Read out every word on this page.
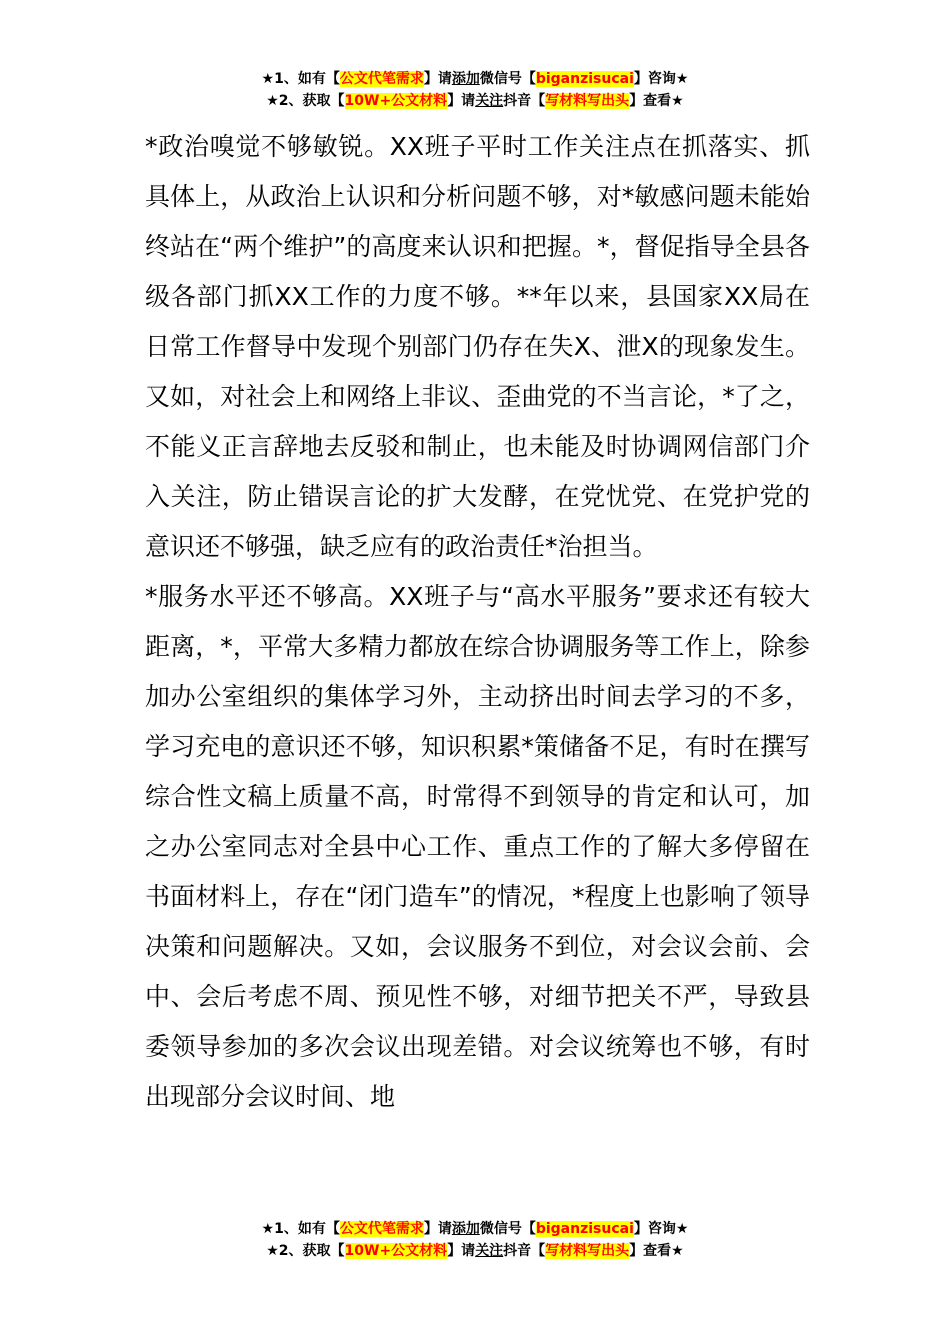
★1、如有【公文代笔需求】请添加微信号【biganzisucai】咨询★
★2、获取【10W+公文材料】请关注抖音【写材料写出头】查看★

*政治嗅觉不够敏锐。XX班子平时工作关注点在抓落实、抓具体上，从政治上认识和分析问题不够，对*敏感问题未能始终站在“两个维护”的高度来认识和把握。*，督促指导全县各级各部门抓XX工作的力度不够。**年以来，县国家XX局在日常工作督导中发现个别部门仍存在失X、泄X的现象发生。又如，对社会上和网络上非议、歪曲党的不当言论，*了之，不能义正言辞地去反驳和制止，也未能及时协调网信部门介入关注，防止错误言论的扩大发酵，在党忧党、在党护党的意识还不够强，缺乏应有的政治责任*治担当。

*服务水平还不够高。XX班子与“高水平服务”要求还有较大距离，*，平常大多精力都放在综合协调服务等工作上，除参加办公室组织的集体学习外，主动挤出时间去学习的不多，学习充电的意识还不够，知识积累*策储备不足，有时在撰写综合性文稿上质量不高，时常得不到领导的肯定和认可，加之办公室同志对全县中心工作、重点工作的了解大多停留在书面材料上，存在“闭门造车”的情况，*程度上也影响了领导决策和问题解决。又如，会议服务不到位，对会议会前、会中、会后考虑不周、预见性不够，对细节把关不严，导致县委领导参加的多次会议出现差错。对会议统筹也不够，有时出现部分会议时间、地

★1、如有【公文代笔需求】请添加微信号【biganzisucai】咨询★
★2、获取【10W+公文材料】请关注抖音【写材料写出头】查看★
